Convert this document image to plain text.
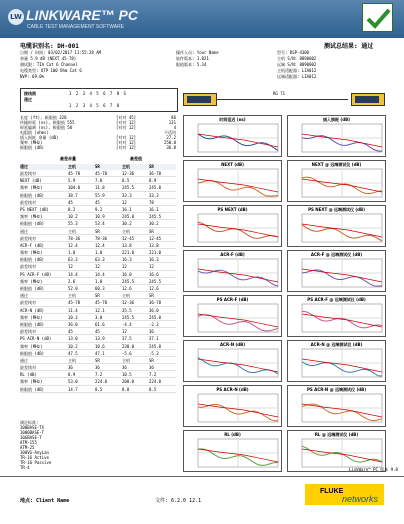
LW LINKWARE™ PC
CABLE TEST MANAGEMENT SOFTWARE
电缆识别名: DH-001	测试总结果: 通过
日期 / 时间: 03/02/2017 11:55:28 AM
余量 5.9 dB (NEXT 45-78)
测试限: TIA Cat 6 Channel
电缆类型: UTP 100 Ohm Cat 6
NVP: 69.0%
操作人员: Your Name
软件版本: 1.021
限值版本: 5.14
型号: DSP-4300
主机 S/N: 8890002
远端 S/N: 8890002
主机适配器: LIA012
远端适配器: LIA012
接线图
通过
1 2 3 4 5 6 7 8 S
1 2 3 4 5 6 7 8
RG 71
长度 (ft), 极限值 328	[对对 45]	86
传输时延 (ns), 极限值 555	[对对 12]	131
时延偏离 (ns), 极限值 50	[对对 12]	4
电阻值 (ohms)	不适用
插入损耗 余量 (dB)	[对对 12]	27.2
频率 (MHz)	[对对 12]	250.0
极限值 (dB)	[对对 12]	36.8
最差余量	最差值
通过	主机	SR	主机	SR
最差线对	45-78	45-78	12-36	36-78
NEXT (dB)	5.9	7.8	8.5	8.9
频率 (MHz)	104.0	11.8	245.5	245.0
极限值 (dB)	38.7	55.9	33.3	33.3
最差线对	45	45	12	78
PS NEXT (dB)	8.2	9.2	16.1	16.1
频率 (MHz)	10.2	10.9	245.0	245.5
极限值 (dB)	55.3	53.4	30.2	30.2
通过	主机	SR	主机	SR
最差线对	78-36	78-36	12-45	12-45
ACR-F (dB)	12.4	12.4	13.8	13.8
频率 (MHz)	1.0	1.0	221.0	221.0
极限值 (dB)	63.3	63.3	16.3	16.3
最差线对	12	12	12	12
PS ACR-F (dB)	14.4	14.4	16.0	16.6
频率 (MHz)	2.6	1.0	245.5	245.5
极限值 (dB)	52.0	60.3	12.6	12.6
通过	主机	SR	主机	SR
最差线对	45-78	45-78	12-36	36-78
ACR-N (dB)	11.4	12.1	35.5	36.0
频率 (MHz)	10.3	3.0	245.5	245.0
极限值 (dB)	36.0	61.6	-4.4	-2.3
最差线对	45	45	12	36
PS ACR-N (dB)	13.0	13.9	37.5	37.1
频率 (MHz)	10.2	10.6	238.0	245.0
极限值 (dB)	47.5	47.1	-5.6	-5.3
通过	主机	SR	主机	SR
最差线对	36	36	36	36
RL (dB)	8.9	7.2	10.5	7.2
频率 (MHz)	53.0	224.0	208.0	224.0
极限值 (dB)	14.7	8.5	8.8	8.5
满足标准:
100BASE-TX
1000BASE-T
10GBASE-T
ATM-155
ATM-25
100VG-AnyLan
TR-16 Active
TR-16 Passive
TR-4
时间延迟 (ns)	插入损耗 (dB)
NEXT (dB)	NEXT @ 远端测试仪 (dB)
PS NEXT (dB)	PS NEXT @ 远端测试仪 (dB)
ACR-F (dB)	ACR-F @ 远端测试仪 (dB)
PS ACR-F (dB)	PS ACR-F @ 远端测试仪 (dB)
ACR-N (dB)	ACR-N @ 远端测试仪 (dB)
PS ACR-N (dB)	PS ACR-N @ 远端测试仪 (dB)
RL (dB)	RL @ 远端测试仪 (dB)
LinkWare™ PC 版本 9.0
地点: Client Name	文件: 6.2.0 12.1
FLUKE
networks
